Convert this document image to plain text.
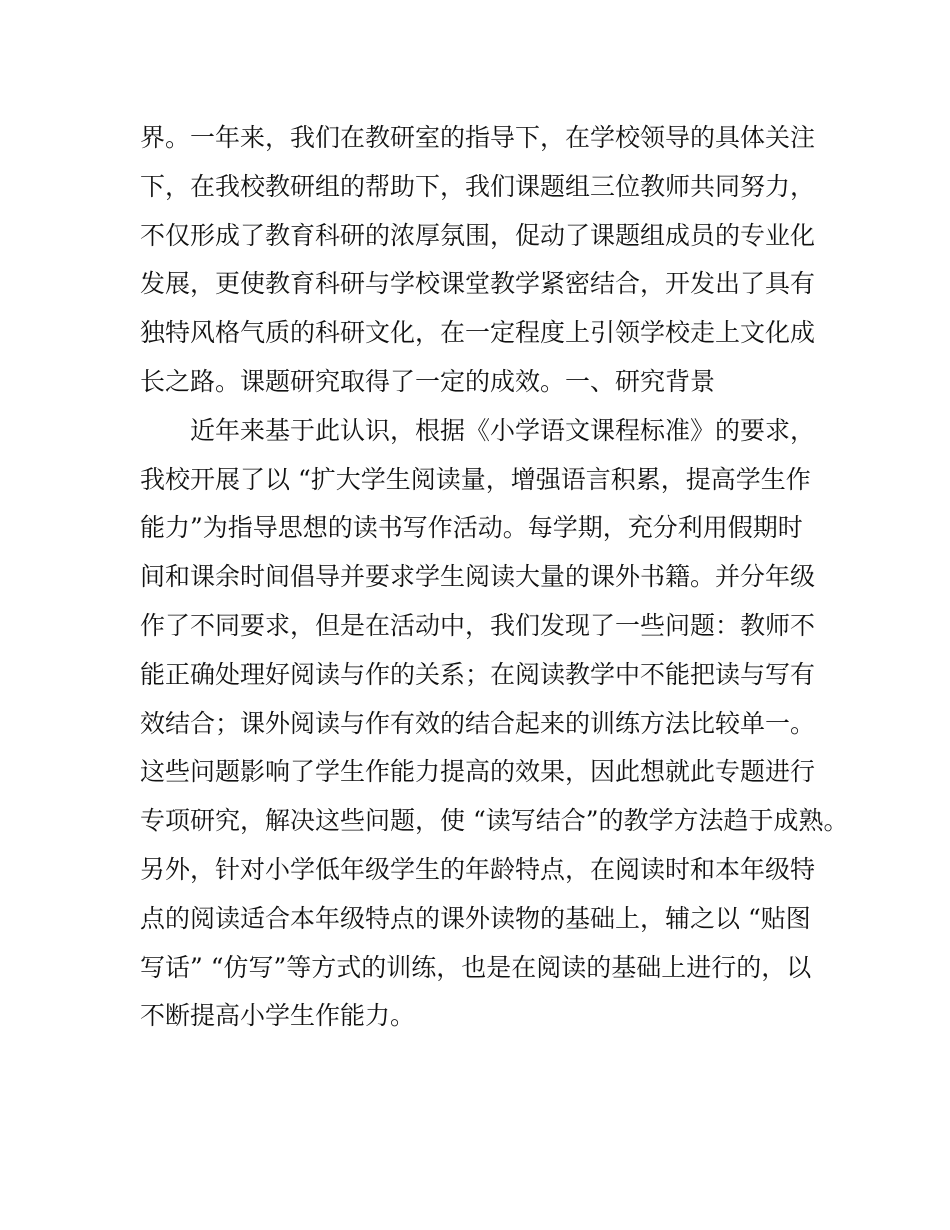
界。一年来，我们在教研室的指导下，在学校领导的具体关注
下，在我校教研组的帮助下，我们课题组三位教师共同努力，
不仅形成了教育科研的浓厚氛围，促动了课题组成员的专业化
发展，更使教育科研与学校课堂教学紧密结合，开发出了具有
独特风格气质的科研文化，在一定程度上引领学校走上文化成
长之路。课题研究取得了一定的成效。一、研究背景
近年来基于此认识，根据《小学语文课程标准》的要求，
我校开展了以 “扩大学生阅读量，增强语言积累，提高学生作
能力”为指导思想的读书写作活动。每学期，充分利用假期时
间和课余时间倡导并要求学生阅读大量的课外书籍。并分年级
作了不同要求，但是在活动中，我们发现了一些问题：教师不
能正确处理好阅读与作的关系；在阅读教学中不能把读与写有
效结合；课外阅读与作有效的结合起来的训练方法比较单一。
这些问题影响了学生作能力提高的效果，因此想就此专题进行
专项研究，解决这些问题，使 “读写结合”的教学方法趋于成熟。
另外，针对小学低年级学生的年龄特点，在阅读时和本年级特
点的阅读适合本年级特点的课外读物的基础上，辅之以 “贴图
写话” “仿写”等方式的训练，也是在阅读的基础上进行的，以
不断提高小学生作能力。
